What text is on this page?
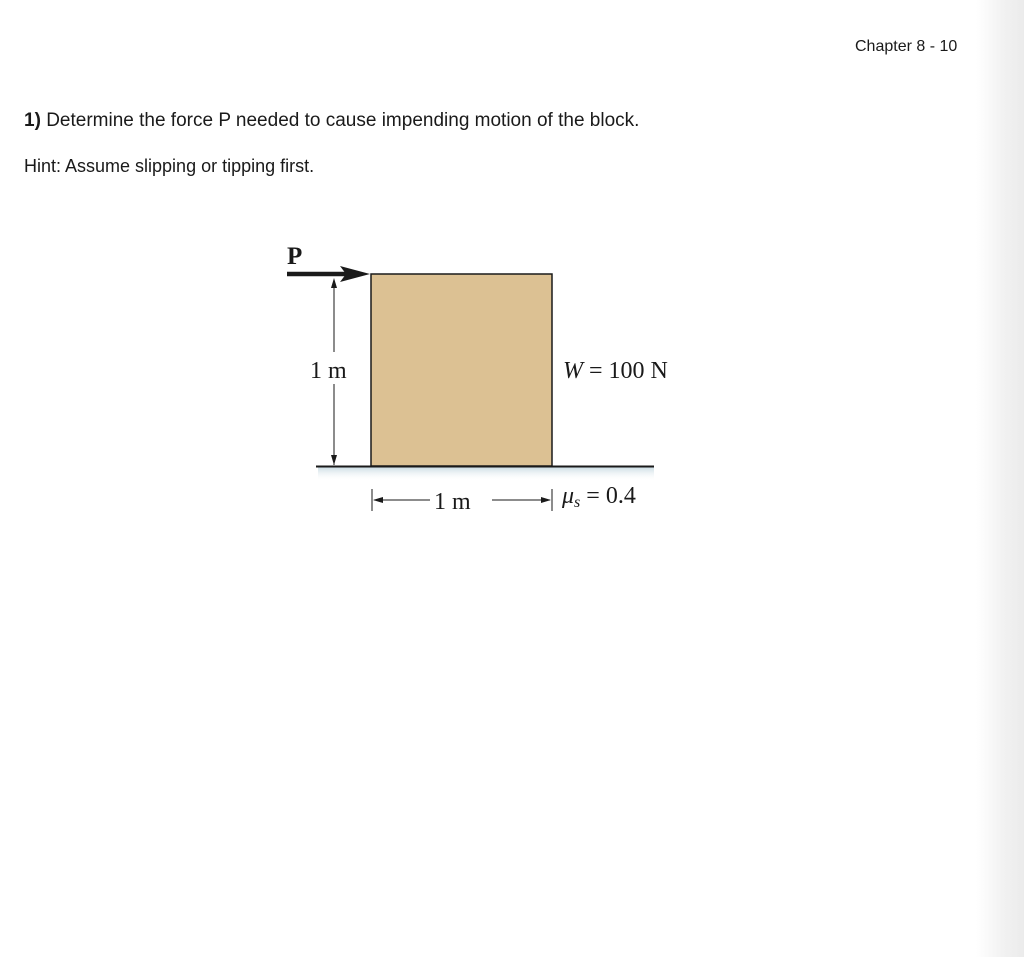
Chapter 8 - 10
1) Determine the force P needed to cause impending motion of the block.
Hint: Assume slipping or tipping first.
P
1 m
1 m
W = 100 N
μs = 0.4
